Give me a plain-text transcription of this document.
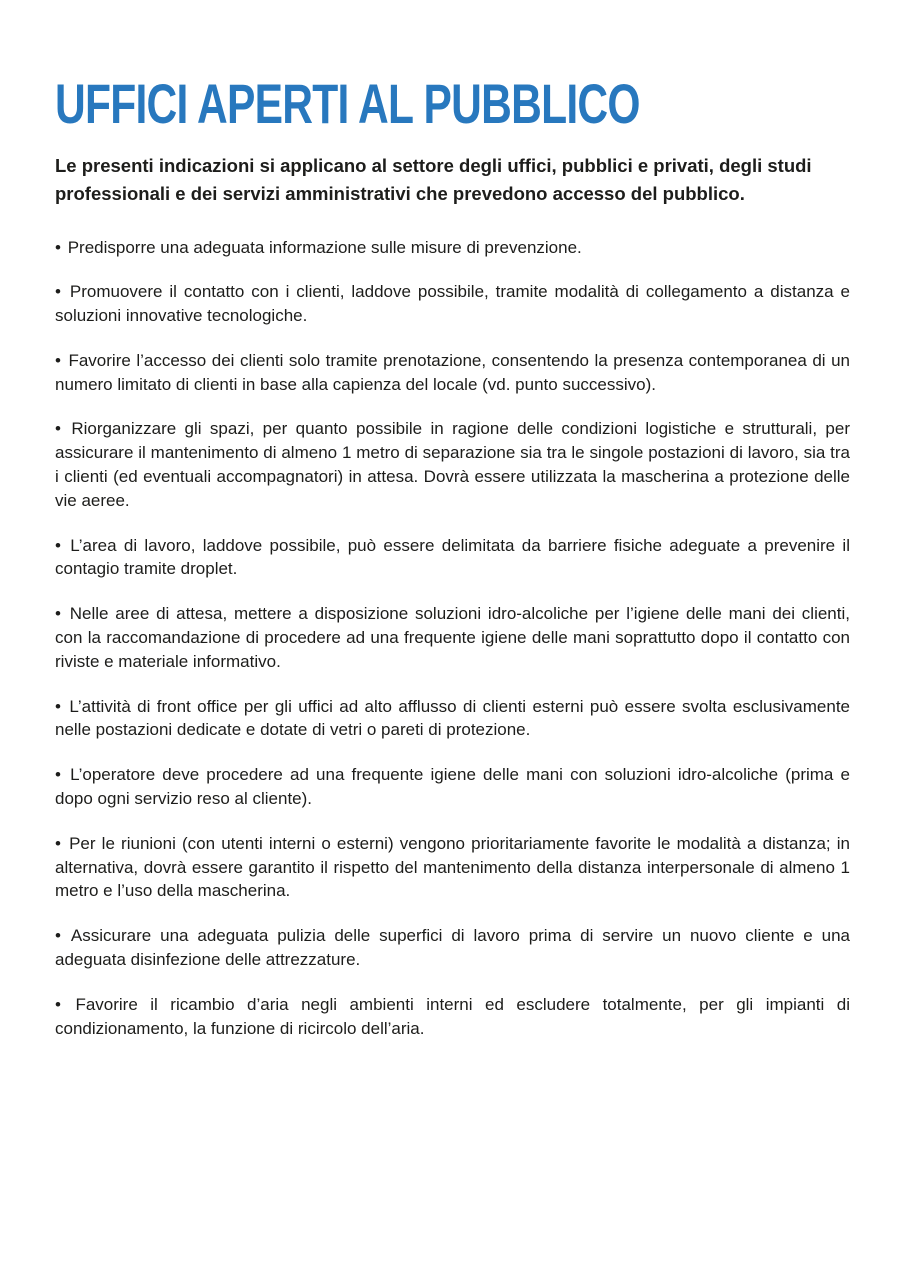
UFFICI APERTI AL PUBBLICO

Le presenti indicazioni si applicano al settore degli uffici, pubblici e privati, degli studi professionali e dei servizi amministrativi che prevedono accesso del pubblico.

• Predisporre una adeguata informazione sulle misure di prevenzione.
• Promuovere il contatto con i clienti, laddove possibile, tramite modalità di collegamento a distanza e soluzioni innovative tecnologiche.
• Favorire l’accesso dei clienti solo tramite prenotazione, consentendo la presenza contemporanea di un numero limitato di clienti in base alla capienza del locale (vd. punto successivo).
• Riorganizzare gli spazi, per quanto possibile in ragione delle condizioni logistiche e strutturali, per assicurare il mantenimento di almeno 1 metro di separazione sia tra le singole postazioni di lavoro, sia tra i clienti (ed eventuali accompagnatori) in attesa. Dovrà essere utilizzata la mascherina a protezione delle vie aeree.
• L’area di lavoro, laddove possibile, può essere delimitata da barriere fisiche adeguate a prevenire il contagio tramite droplet.
• Nelle aree di attesa, mettere a disposizione soluzioni idro-alcoliche per l’igiene delle mani dei clienti, con la raccomandazione di procedere ad una frequente igiene delle mani soprattutto dopo il contatto con riviste e materiale informativo.
• L’attività di front office per gli uffici ad alto afflusso di clienti esterni può essere svolta esclusivamente nelle postazioni dedicate e dotate di vetri o pareti di protezione.
• L’operatore deve procedere ad una frequente igiene delle mani con soluzioni idro-alcoliche (prima e dopo ogni servizio reso al cliente).
• Per le riunioni (con utenti interni o esterni) vengono prioritariamente favorite le modalità a distanza; in alternativa, dovrà essere garantito il rispetto del mantenimento della distanza interpersonale di almeno 1 metro e l’uso della mascherina.
• Assicurare una adeguata pulizia delle superfici di lavoro prima di servire un nuovo cliente e una adeguata disinfezione delle attrezzature.
• Favorire il ricambio d’aria negli ambienti interni ed escludere totalmente, per gli impianti di condizionamento, la funzione di ricircolo dell’aria.
